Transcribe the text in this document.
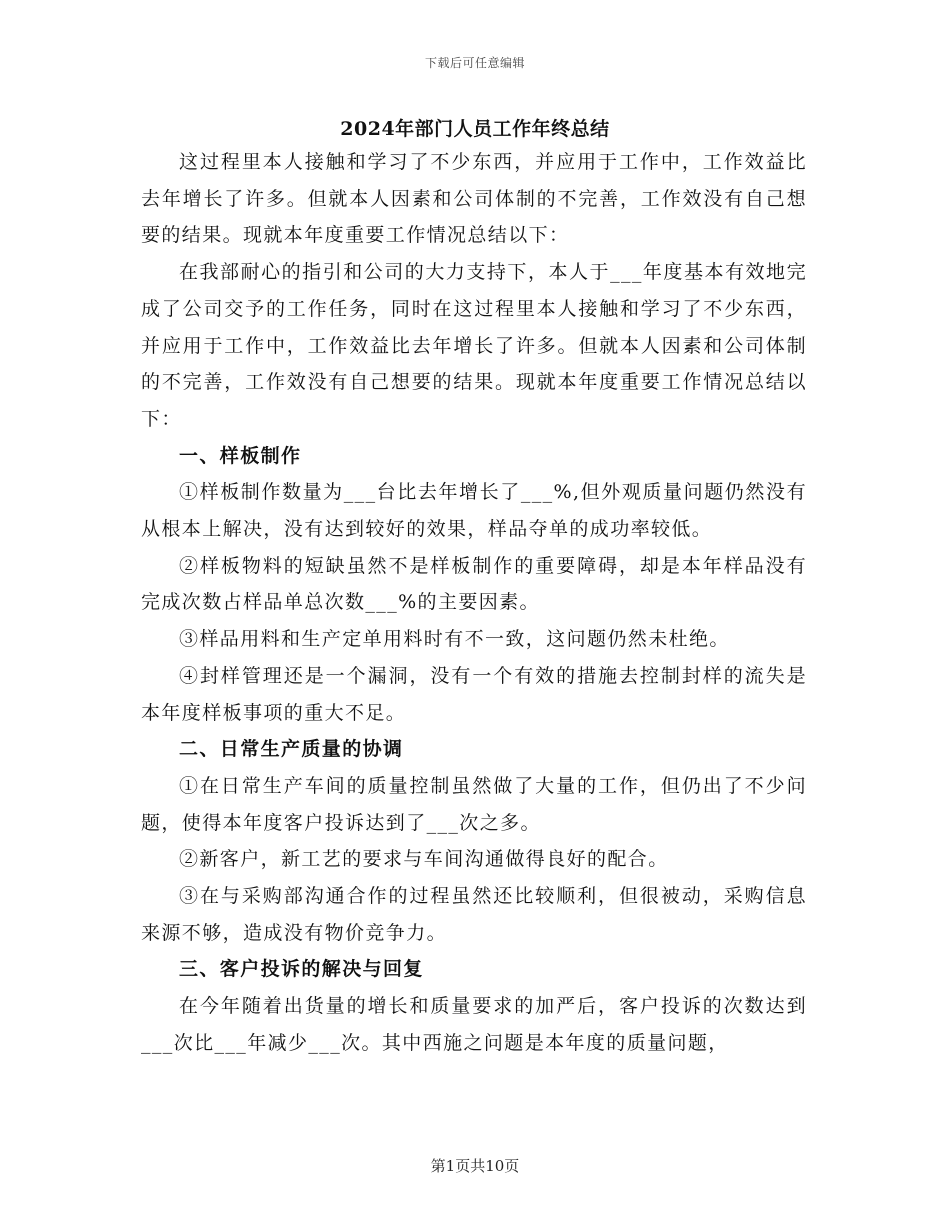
下载后可任意编辑
2024年部门人员工作年终总结

这过程里本人接触和学习了不少东西，并应用于工作中，工作效益比去年增长了许多。但就本人因素和公司体制的不完善，工作效没有自己想要的结果。现就本年度重要工作情况总结以下：

在我部耐心的指引和公司的大力支持下，本人于___年度基本有效地完成了公司交予的工作任务，同时在这过程里本人接触和学习了不少东西，并应用于工作中，工作效益比去年增长了许多。但就本人因素和公司体制的不完善，工作效没有自己想要的结果。现就本年度重要工作情况总结以下：

一、样板制作

①样板制作数量为___台比去年增长了___%,但外观质量问题仍然没有从根本上解决，没有达到较好的效果，样品夺单的成功率较低。

②样板物料的短缺虽然不是样板制作的重要障碍，却是本年样品没有完成次数占样品单总次数___%的主要因素。

③样品用料和生产定单用料时有不一致，这问题仍然未杜绝。

④封样管理还是一个漏洞，没有一个有效的措施去控制封样的流失是本年度样板事项的重大不足。

二、日常生产质量的协调

①在日常生产车间的质量控制虽然做了大量的工作，但仍出了不少问题，使得本年度客户投诉达到了___次之多。

②新客户，新工艺的要求与车间沟通做得良好的配合。

③在与采购部沟通合作的过程虽然还比较顺利，但很被动，采购信息来源不够，造成没有物价竞争力。

三、客户投诉的解决与回复

在今年随着出货量的增长和质量要求的加严后，客户投诉的次数达到___次比___年减少___次。其中西施之问题是本年度的质量问题，

第1页共10页
